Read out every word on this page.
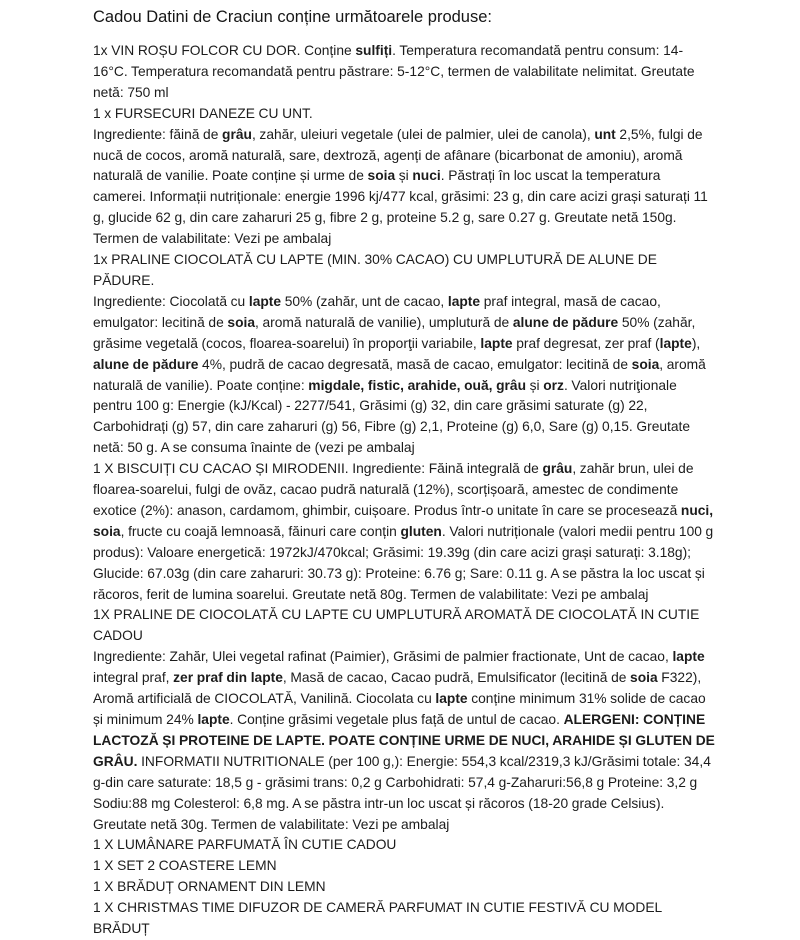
Cadou Datini de Craciun conține următoarele produse:
1x VIN ROȘU FOLCOR CU DOR. Conține sulfiți. Temperatura recomandată pentru consum: 14-16°C. Temperatura recomandată pentru păstrare: 5-12°C, termen de valabilitate nelimitat. Greutate netă: 750 ml
1 x FURSECURI DANEZE CU UNT.
Ingrediente: făină de grâu, zahăr, uleiuri vegetale (ulei de palmier, ulei de canola), unt 2,5%, fulgi de nucă de cocos, aromă naturală, sare, dextroză, agenți de afânare (bicarbonat de amoniu), aromă naturală de vanilie. Poate conține și urme de soia și nuci. Păstrați în loc uscat la temperatura camerei. Informații nutriționale: energie 1996 kj/477 kcal, grăsimi: 23 g, din care acizi grași saturați 11 g, glucide 62 g, din care zaharuri 25 g, fibre 2 g, proteine 5.2 g, sare 0.27 g. Greutate netă 150g. Termen de valabilitate: Vezi pe ambalaj
1x PRALINE CIOCOLATĂ CU LAPTE (MIN. 30% CACAO) CU UMPLUTURĂ DE ALUNE DE PĂDURE.
Ingrediente: Ciocolată cu lapte 50% (zahăr, unt de cacao, lapte praf integral, masă de cacao, emulgator: lecitină de soia, aromă naturală de vanilie), umplutură de alune de pădure 50% (zahăr, grăsime vegetală (cocos, floarea-soarelui) în proporţii variabile, lapte praf degresat, zer praf (lapte), alune de pădure 4%, pudră de cacao degresată, masă de cacao, emulgator: lecitină de soia, aromă naturală de vanilie). Poate conține: migdale, fistic, arahide, ouă, grâu și orz. Valori nutriţionale pentru 100 g: Energie (kJ/Kcal) - 2277/541, Grăsimi (g) 32, din care grăsimi saturate (g) 22, Carbohidrați (g) 57, din care zaharuri (g) 56, Fibre (g) 2,1, Proteine (g) 6,0, Sare (g) 0,15. Greutate netă: 50 g. A se consuma înainte de (vezi pe ambalaj
1 X BISCUIȚI CU CACAO ȘI MIRODENII. Ingrediente: Făină integrală de grâu, zahăr brun, ulei de floarea-soarelui, fulgi de ovăz, cacao pudră naturală (12%), scorțișoară, amestec de condimente exotice (2%): anason, cardamom, ghimbir, cuișoare. Produs într-o unitate în care se procesează nuci, soia, fructe cu coajă lemnoasă, făinuri care conțin gluten. Valori nutriționale (valori medii pentru 100 g produs): Valoare energetică: 1972kJ/470kcal; Grăsimi: 19.39g (din care acizi grași saturați: 3.18g); Glucide: 67.03g (din care zaharuri: 30.73 g): Proteine: 6.76 g; Sare: 0.11 g. A se păstra la loc uscat și răcoros, ferit de lumina soarelui. Greutate netă 80g. Termen de valabilitate: Vezi pe ambalaj
1X PRALINE DE CIOCOLATĂ CU LAPTE CU UMPLUTURĂ AROMATĂ DE CIOCOLATĂ IN CUTIE CADOU
Ingrediente: Zahăr, Ulei vegetal rafinat (Paimier), Grăsimi de palmier fractionate, Unt de cacao, lapte integral praf, zer praf din lapte, Masă de cacao, Cacao pudră, Emulsificator (lecitină de soia F322), Aromă artificială de CIOCOLATĂ, Vanilină. Ciocolata cu lapte conține minimum 31% solide de cacao și minimum 24% lapte. Conține grăsimi vegetale plus față de untul de cacao. ALERGENI: CONȚINE LACTOZĂ ȘI PROTEINE DE LAPTE. POATE CONȚINE URME DE NUCI, ARAHIDE ȘI GLUTEN DE GRÂU. INFORMATII NUTRITIONALE (per 100 g,): Energie: 554,3 kcal/2319,3 kJ/Grăsimi totale: 34,4 g-din care saturate: 18,5 g - grăsimi trans: 0,2 g Carbohidrati: 57,4 g-Zaharuri:56,8 g Proteine: 3,2 g Sodiu:88 mg Colesterol: 6,8 mg. A se păstra intr-un loc uscat și răcoros (18-20 grade Celsius). Greutate netă 30g. Termen de valabilitate: Vezi pe ambalaj
1 X LUMÂNARE PARFUMATĂ ÎN CUTIE CADOU
1 X SET 2 COASTERE LEMN
1 X BRĂDUȚ ORNAMENT DIN LEMN
1 X CHRISTMAS TIME DIFUZOR DE CAMERĂ PARFUMAT IN CUTIE FESTIVĂ CU MODEL BRĂDUȚ
